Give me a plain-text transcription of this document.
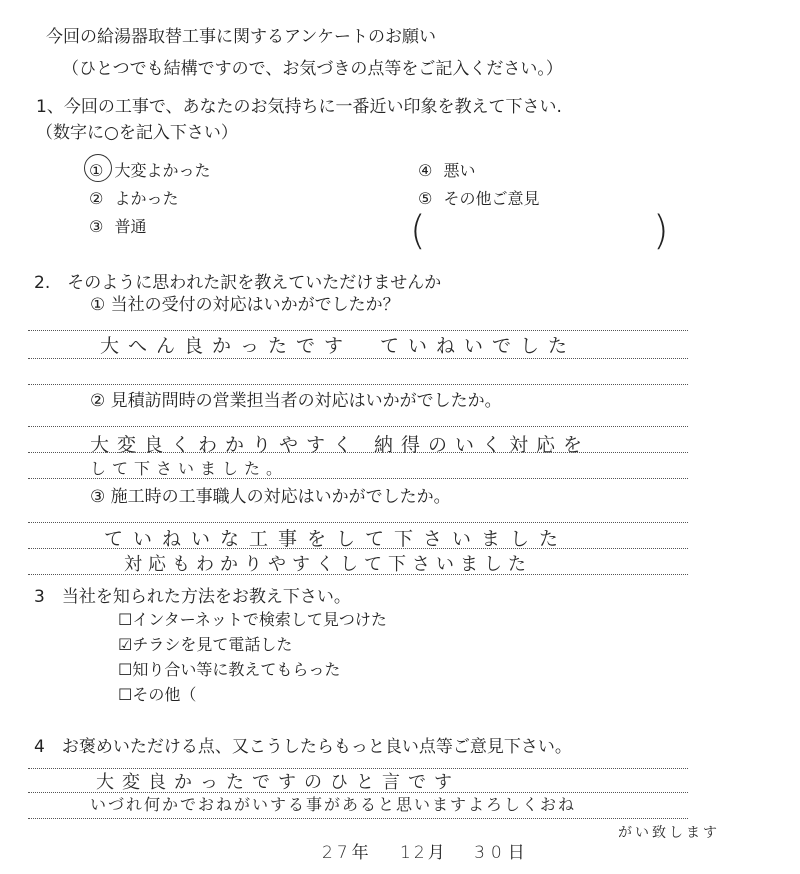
今回の給湯器取替工事に関するアンケートのお願い
（ひとつでも結構ですので、お気づきの点等をご記入ください。）
1、今回の工事で、あなたのお気持ちに一番近い印象を教えて下さい.
（数字に○を記入下さい）
① 大変よかった
② よかった
③ 普通
④ 悪い
⑤ その他ご意見
(	)
2.　そのように思われた訳を教えていただけませんか
① 当社の受付の対応はいかがでしたか？
大へん良かったです　ていねいでした
② 見積訪問時の営業担当者の対応はいかがでしたか。
大変良くわかりやすく 納得のいく対応を
して下さいました。
③ 施工時の工事職人の対応はいかがでしたか。
ていねいな工事をして下さいました
対応もわかりやすくして下さいました
3　当社を知られた方法をお教え下さい。
☐インターネットで検索して見つけた
☑チラシを見て電話した
☐知り合い等に教えてもらった
☐その他（
4　お褒めいただける点、又こうしたらもっと良い点等ご意見下さい。
大変良かったですのひと言です
いづれ何かでおねがいする事があると思いますよろしくおね
がい致します
27年 12月 30日
